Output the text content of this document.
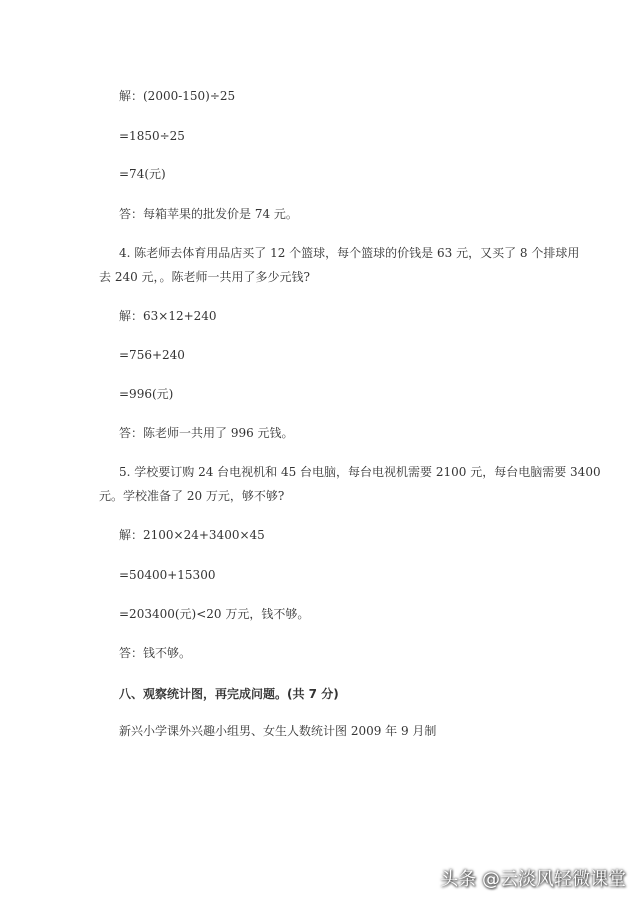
解：(2000-150)÷25
=1850÷25
=74(元)
答：每箱苹果的批发价是 74 元。
4. 陈老师去体育用品店买了 12 个篮球，每个篮球的价钱是 63 元，又买了 8 个排球用
去 240 元，。陈老师一共用了多少元钱?
解：63×12+240
=756+240
=996(元)
答：陈老师一共用了 996 元钱。
5. 学校要订购 24 台电视机和 45 台电脑，每台电视机需要 2100 元，每台电脑需要 3400
元。学校准备了 20 万元，够不够?
解：2100×24+3400×45
=50400+15300
=203400(元)<20 万元，钱不够。
答：钱不够。
八、观察统计图，再完成问题。(共 7 分)
新兴小学课外兴趣小组男、女生人数统计图 2009 年 9 月制
头条 @云淡风轻微课堂
